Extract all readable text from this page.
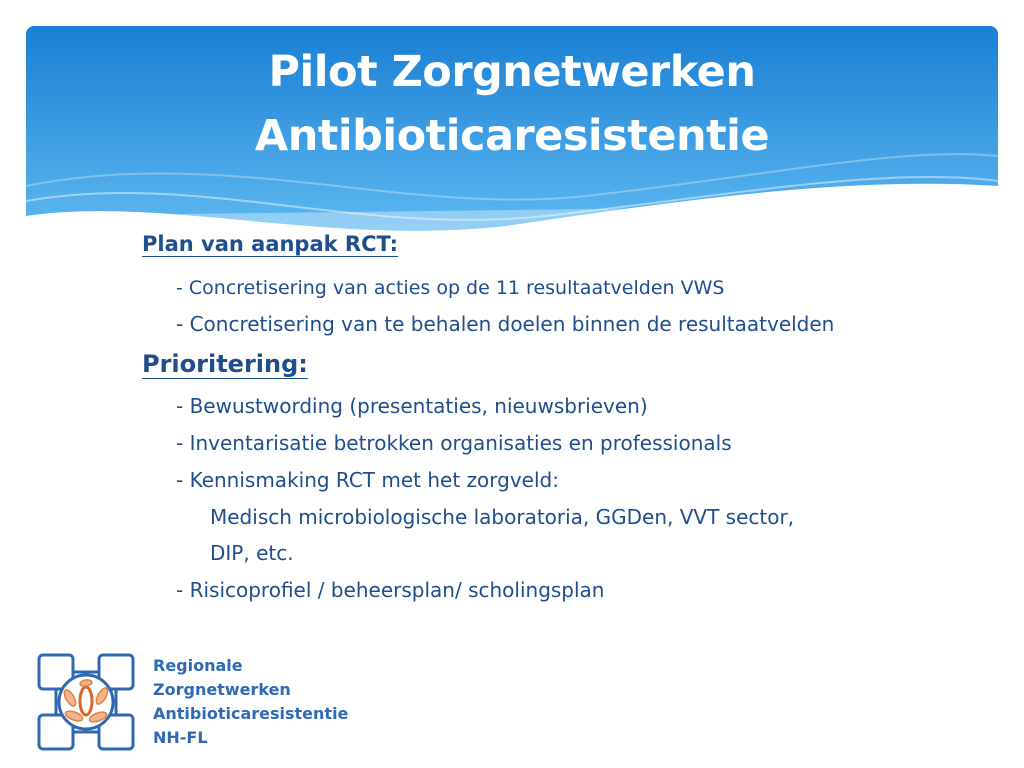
Pilot Zorgnetwerken
Antibioticaresistentie
Plan van aanpak RCT:
- Concretisering van acties op de 11 resultaatvelden VWS
- Concretisering van te behalen doelen binnen de resultaatvelden
Prioritering:
- Bewustwording (presentaties, nieuwsbrieven)
- Inventarisatie betrokken organisaties en professionals
- Kennismaking RCT met het zorgveld:
Medisch microbiologische laboratoria, GGDen, VVT sector,
DIP, etc.
- Risicoprofiel / beheersplan/ scholingsplan
Regionale
Zorgnetwerken
Antibioticaresistentie
NH-FL
